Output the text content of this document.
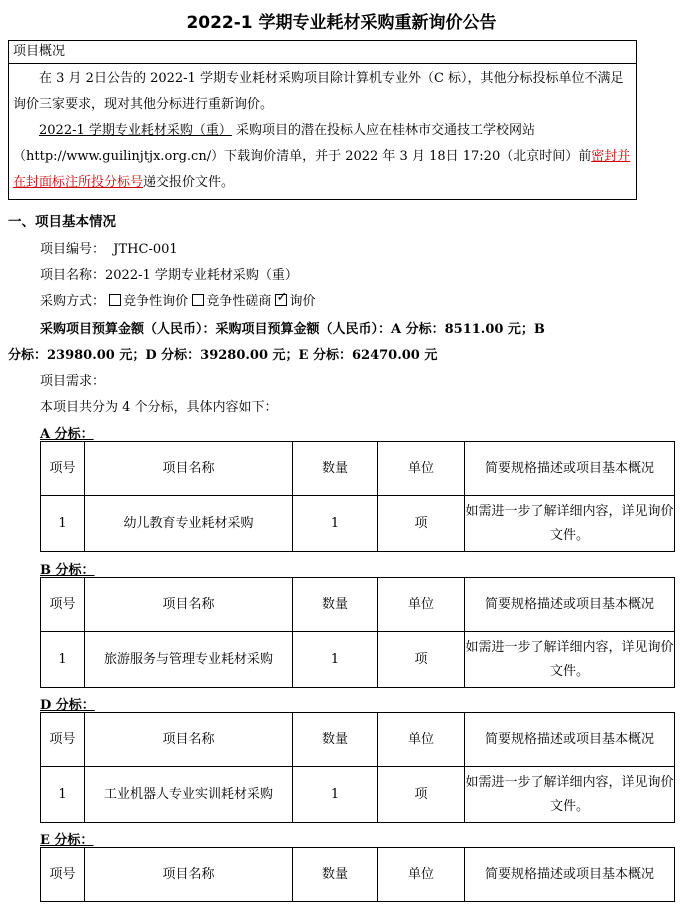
2022-1 学期专业耗材采购重新询价公告
项目概况

在 3 月 2日公告的 2022-1 学期专业耗材采购项目除计算机专业外（C 标），其他分标投标单位不满足询价三家要求，现对其他分标进行重新询价。

2022-1 学期专业耗材采购（重） 采购项目的潜在投标人应在桂林市交通技工学校网站（http://www.guilinjtjx.org.cn/）下载询价清单，并于 2022 年 3 月 18日 17:20（北京时间）前密封并在封面标注所投分标号递交报价文件。

一、项目基本情况
项目编号： JTHC-001
项目名称：2022-1 学期专业耗材采购（重）
采购方式： 竞争性询价 竞争性磋商 ✓ 询价
采购项目预算金额（人民币）：采购项目预算金额（人民币）：A 分标：8511.00 元；B
分标：23980.00 元；D 分标：39280.00 元；E 分标：62470.00 元
项目需求：
本项目共分为 4 个分标，具体内容如下：
A 分标：
项号	项目名称	数量	单位	简要规格描述或项目基本概况
1	幼儿教育专业耗材采购	1	项	如需进一步了解详细内容，详见询价文件。
B 分标：
项号	项目名称	数量	单位	简要规格描述或项目基本概况
1	旅游服务与管理专业耗材采购	1	项	如需进一步了解详细内容，详见询价文件。
D 分标：
项号	项目名称	数量	单位	简要规格描述或项目基本概况
1	工业机器人专业实训耗材采购	1	项	如需进一步了解详细内容，详见询价文件。
E 分标：
项号	项目名称	数量	单位	简要规格描述或项目基本概况
